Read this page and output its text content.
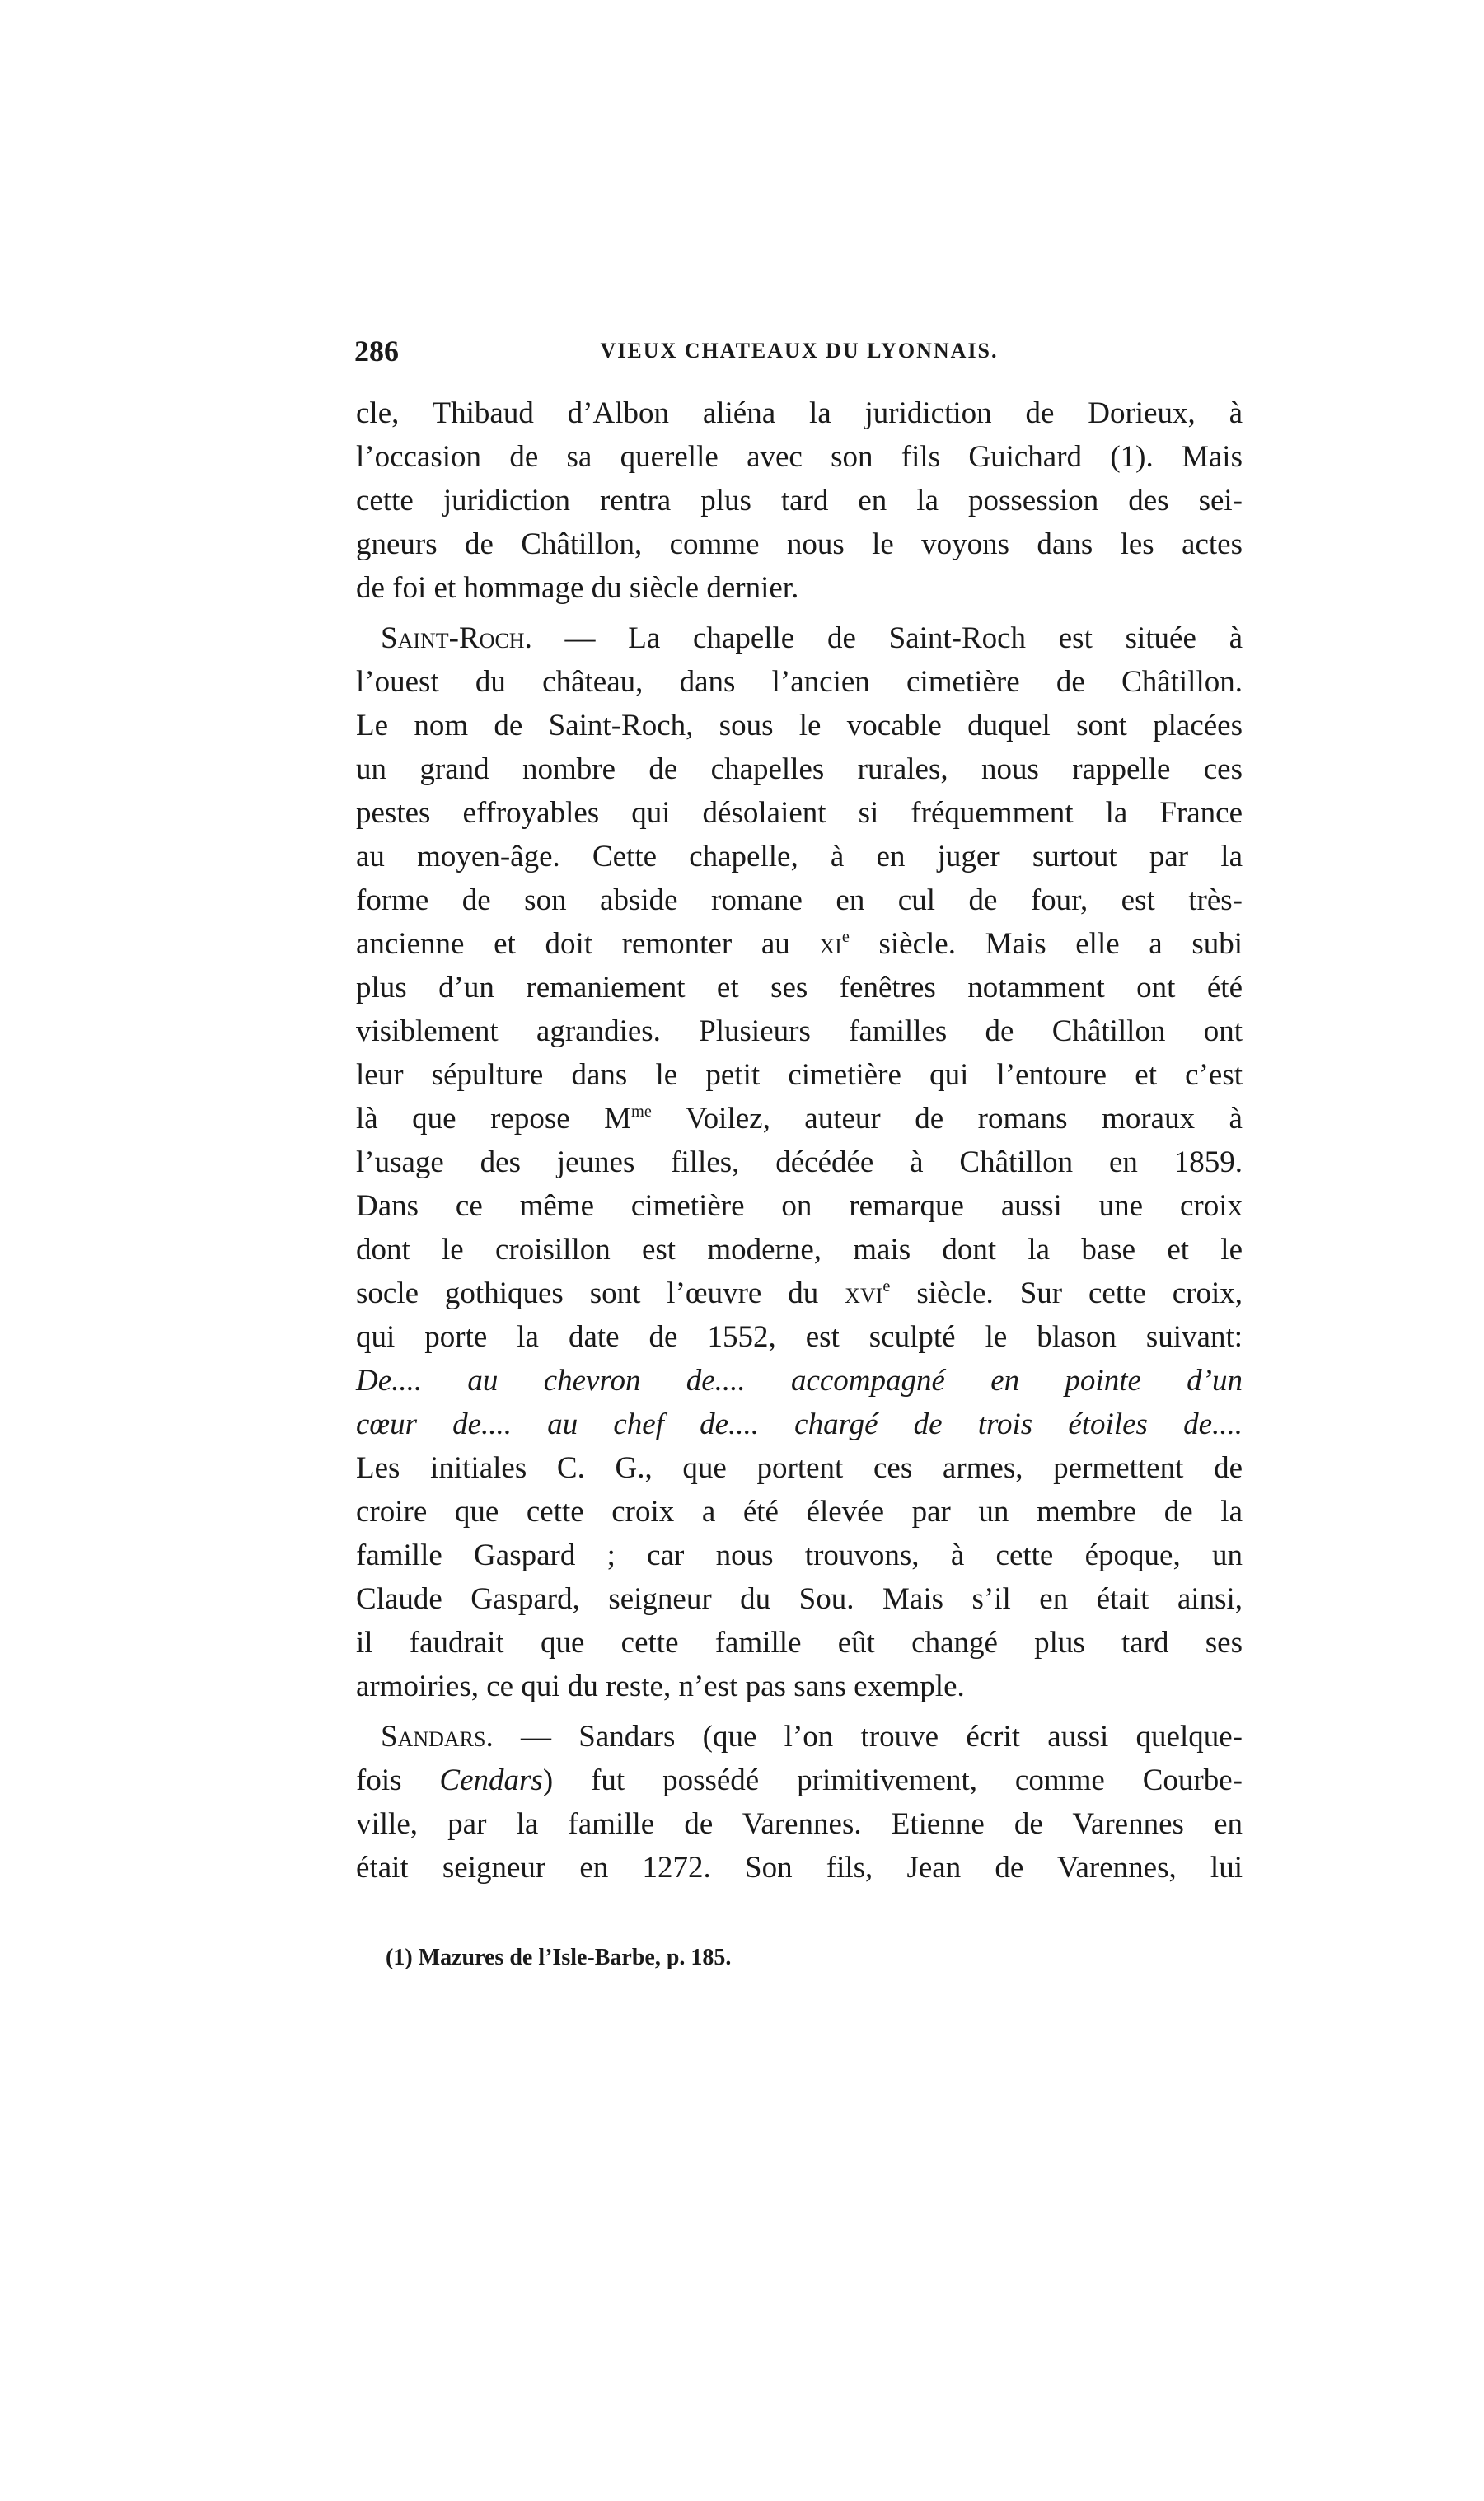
286	VIEUX CHATEAUX DU LYONNAIS.
cle, Thibaud d’Albon aliéna la juridiction de Dorieux, à
l’occasion de sa querelle avec son fils Guichard (1). Mais
cette juridiction rentra plus tard en la possession des sei-
gneurs de Châtillon, comme nous le voyons dans les actes
de foi et hommage du siècle dernier.
Saint-Roch. — La chapelle de Saint-Roch est située à
l’ouest du château, dans l’ancien cimetière de Châtillon.
Le nom de Saint-Roch, sous le vocable duquel sont placées
un grand nombre de chapelles rurales, nous rappelle ces
pestes effroyables qui désolaient si fréquemment la France
au moyen-âge. Cette chapelle, à en juger surtout par la
forme de son abside romane en cul de four, est très-
ancienne et doit remonter au $xi^e$ siècle. Mais elle a subi
plus d’un remaniement et ses fenêtres notamment ont été
visiblement agrandies. Plusieurs familles de Châtillon ont
leur sépulture dans le petit cimetière qui l’entoure et c’est
là que repose $M^{me}$ Voilez, auteur de romans moraux à
l’usage des jeunes filles, décédée à Châtillon en 1859.
Dans ce même cimetière on remarque aussi une croix
dont le croisillon est moderne, mais dont la base et le
socle gothiques sont l’œuvre du xvi$^e$ siècle. Sur cette croix,
qui porte la date de 1552, est sculpté le blason suivant:
De.... au chevron de.... accompagné en pointe d’un
cœur de.... au chef de.... chargé de trois étoiles de....
Les initiales C. G., que portent ces armes, permettent de
croire que cette croix a été élevée par un membre de la
famille Gaspard ; car nous trouvons, à cette époque, un
Claude Gaspard, seigneur du Sou. Mais s’il en était ainsi,
il faudrait que cette famille eût changé plus tard ses
armoiries, ce qui du reste, n’est pas sans exemple.
Sandars. — Sandars (que l’on trouve écrit aussi quelque-
fois Cendars) fut possédé primitivement, comme Courbe-
ville, par la famille de Varennes. Etienne de Varennes en
était seigneur en 1272. Son fils, Jean de Varennes, lui
(1) Mazures de l’Isle-Barbe, p. 185.
